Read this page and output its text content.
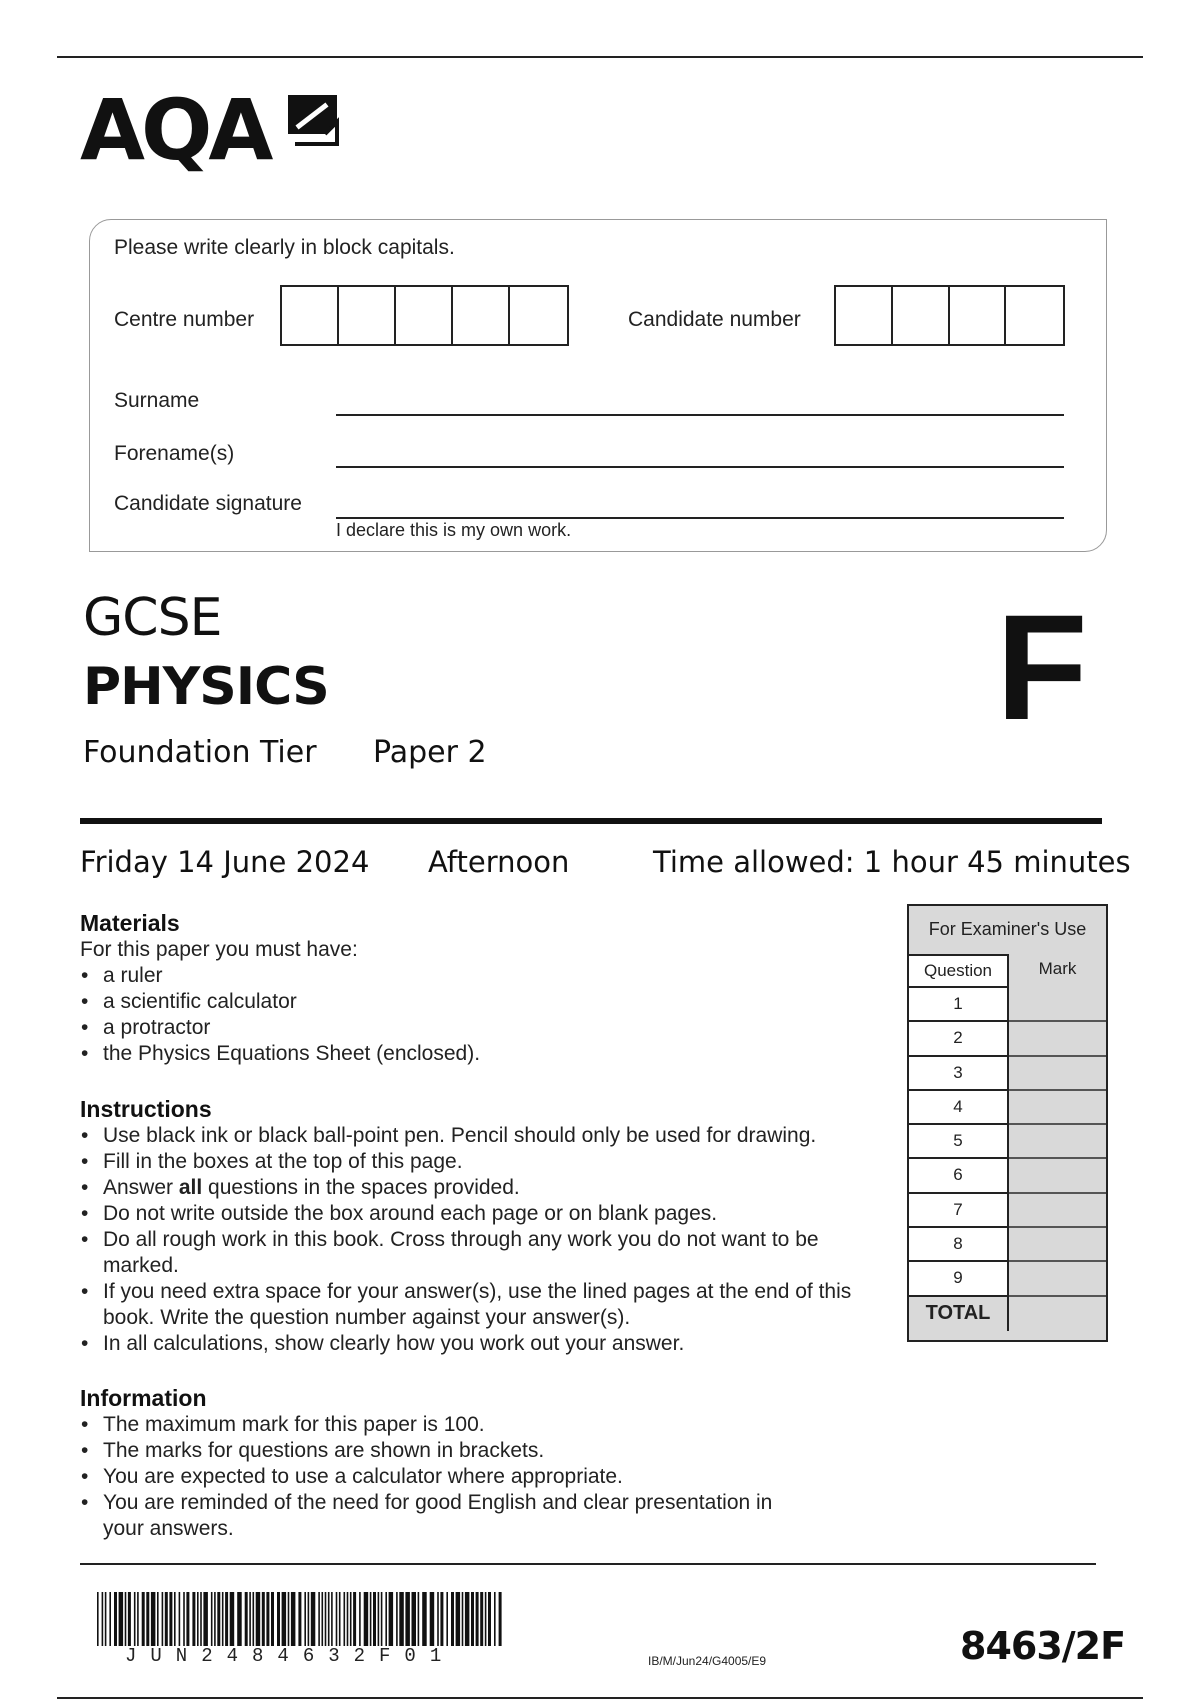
AQA
Please write clearly in block capitals.
Centre number	Candidate number
Surname
Forename(s)
Candidate signature
I declare this is my own work.
GCSE
PHYSICS
Foundation Tier Paper 2
F
Friday 14 June 2024 Afternoon	Time allowed: 1 hour 45 minutes
Materials
For this paper you must have:
• a ruler
• a scientific calculator
• a protractor
• the Physics Equations Sheet (enclosed).
Instructions
• Use black ink or black ball-point pen. Pencil should only be used for drawing.
• Fill in the boxes at the top of this page.
• Answer all questions in the spaces provided.
• Do not write outside the box around each page or on blank pages.
• Do all rough work in this book. Cross through any work you do not want to be marked.
• If you need extra space for your answer(s), use the lined pages at the end of this book. Write the question number against your answer(s).
• In all calculations, show clearly how you work out your answer.
Information
• The maximum mark for this paper is 100.
• The marks for questions are shown in brackets.
• You are expected to use a calculator where appropriate.
• You are reminded of the need for good English and clear presentation in your answers.
For Examiner's Use
Question	Mark
1
2
3
4
5
6
7
8
9
TOTAL
JUN2484632F01	IB/M/Jun24/G4005/E9	8463/2F
